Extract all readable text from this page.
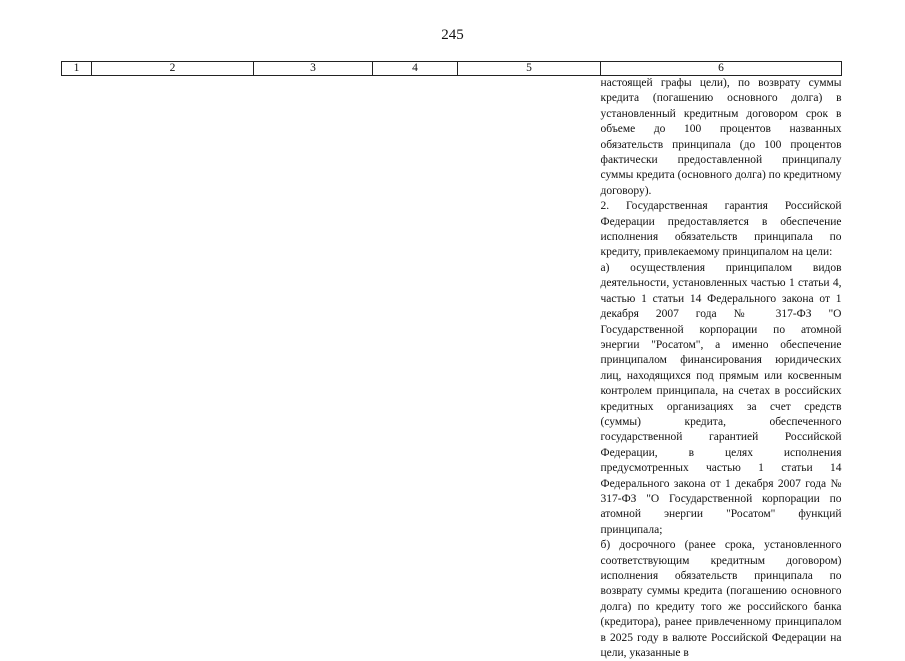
245
1	2	3	4	5	6

					настоящей графы цели), по возврату суммы кредита (погашению основного долга) в установленный кредитным договором срок в объеме до 100 процентов названных обязательств принципала (до 100 процентов фактически предоставленной принципалу суммы кредита (основного долга) по кредитному договору).

2. Государственная гарантия Российской Федерации предоставляется в обеспечение исполнения обязательств принципала по кредиту, привлекаемому принципалом на цели:

а) осуществления принципалом видов деятельности, установленных частью 1 статьи 4, частью 1 статьи 14 Федерального закона от 1 декабря 2007 года № 317-ФЗ "О Государственной корпорации по атомной энергии "Росатом", а именно обеспечение принципалом финансирования юридических лиц, находящихся под прямым или косвенным контролем принципала, на счетах в российских кредитных организациях за счет средств (суммы) кредита, обеспеченного государственной гарантией Российской Федерации, в целях исполнения предусмотренных частью 1 статьи 14 Федерального закона от 1 декабря 2007 года № 317-ФЗ "О Государственной корпорации по атомной энергии "Росатом" функций принципала;

б) досрочного (ранее срока, установленного соответствующим кредитным договором) исполнения обязательств принципала по возврату суммы кредита (погашению основного долга) по кредиту того же российского банка (кредитора), ранее привлеченному принципалом в 2025 году в валюте Российской Федерации на цели, указанные в
